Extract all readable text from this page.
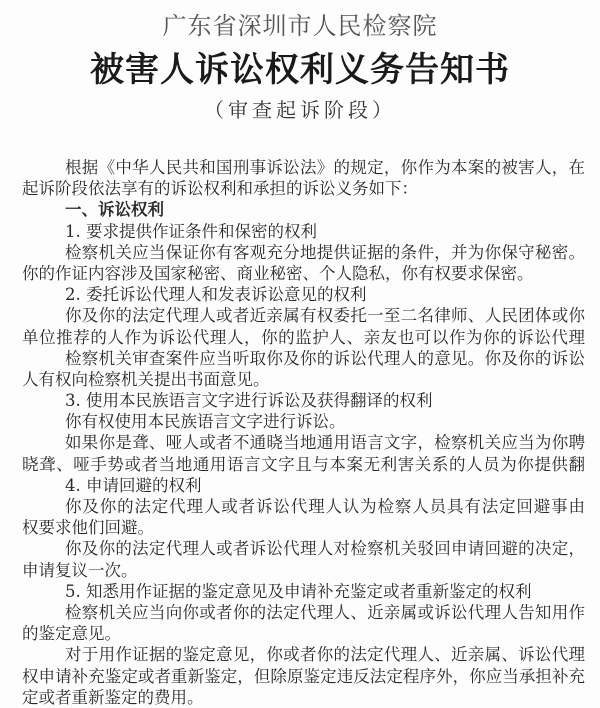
广东省深圳市人民检察院
被害人诉讼权利义务告知书
（审查起诉阶段）
根据《中华人民共和国刑事诉讼法》的规定，你作为本案的被害人，在
起诉阶段依法享有的诉讼权利和承担的诉讼义务如下：
一、诉讼权利
1. 要求提供作证条件和保密的权利
检察机关应当保证你有客观充分地提供证据的条件，并为你保守秘密。
你的作证内容涉及国家秘密、商业秘密、个人隐私，你有权要求保密。
2. 委托诉讼代理人和发表诉讼意见的权利
你及你的法定代理人或者近亲属有权委托一至二名律师、人民团体或你
单位推荐的人作为诉讼代理人，你的监护人、亲友也可以作为你的诉讼代理
检察机关审查案件应当听取你及你的诉讼代理人的意见。你及你的诉讼
人有权向检察机关提出书面意见。
3. 使用本民族语言文字进行诉讼及获得翻译的权利
你有权使用本民族语言文字进行诉讼。
如果你是聋、哑人或者不通晓当地通用语言文字，检察机关应当为你聘
晓聋、哑手势或者当地通用语言文字且与本案无利害关系的人员为你提供翻
4. 申请回避的权利
你及你的法定代理人或者诉讼代理人认为检察人员具有法定回避事由
权要求他们回避。
你及你的法定代理人或者诉讼代理人对检察机关驳回申请回避的决定，
申请复议一次。
5. 知悉用作证据的鉴定意见及申请补充鉴定或者重新鉴定的权利
检察机关应当向你或者你的法定代理人、近亲属或诉讼代理人告知用作
的鉴定意见。
对于用作证据的鉴定意见，你或者你的法定代理人、近亲属、诉讼代理
权申请补充鉴定或者重新鉴定，但除原鉴定违反法定程序外，你应当承担补充
定或者重新鉴定的费用。
